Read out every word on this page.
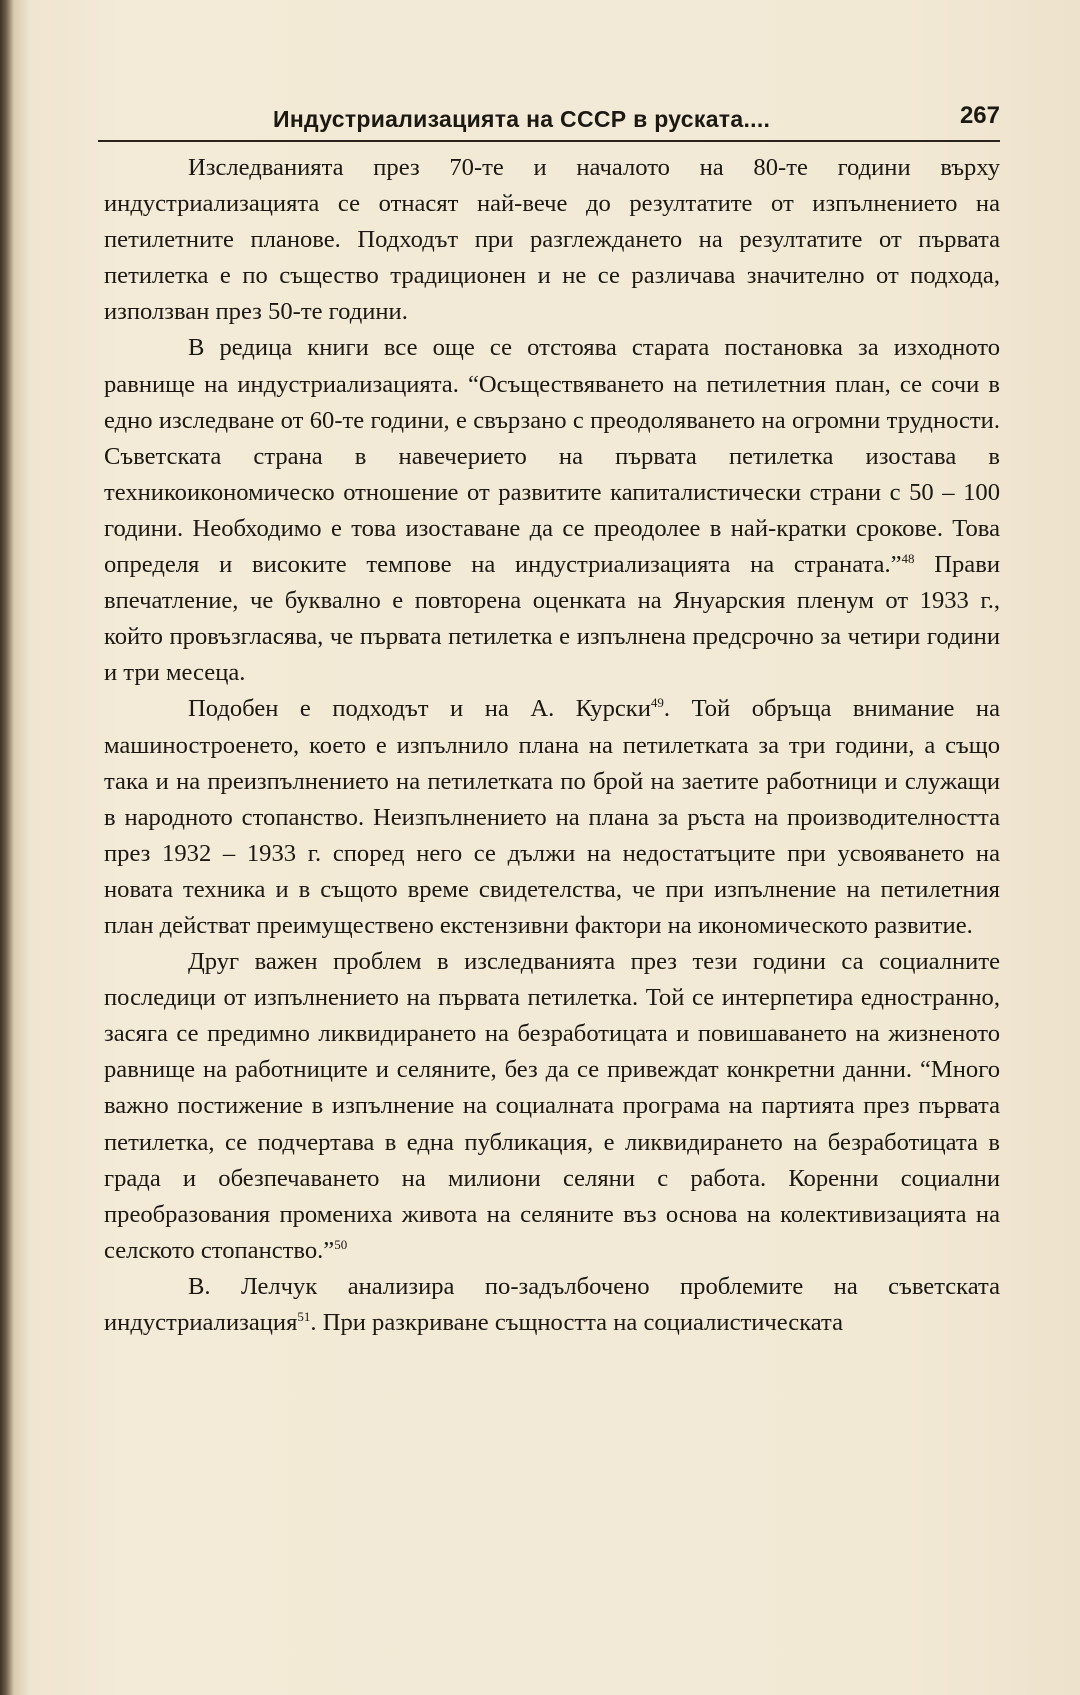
Индустриализацията на СССР в руската....	267

Изследванията през 70-те и началото на 80-те години върху индустриализацията се отнасят най-вече до резултатите от изпълнението на петилетните планове. Подходът при разглеждането на резултатите от първата петилетка е по същество традиционен и не се различава значително от подхода, използван през 50-те години.

В редица книги все още се отстоява старата постановка за изходното равнище на индустриализацията. “Осъществяването на петилетния план, се сочи в едно изследване от 60-те години, е свързано с преодоляването на огромни трудности. Съветската страна в навечерието на първата петилетка изостава в техникоикономическо отношение от развитите капиталистически страни с 50 – 100 години. Необходимо е това изоставане да се преодолее в най-кратки срокове. Това определя и високите темпове на индустриализацията на страната.”$^{48}$ Прави впечатление, че буквално е повторена оценката на Януарския пленум от 1933 г., който провъзгласява, че първата петилетка е изпълнена предсрочно за четири години и три месеца.

Подобен е подходът и на А. Курски$^{49}$. Той обръща внимание на машиностроенето, което е изпълнило плана на петилетката за три години, а също така и на преизпълнението на петилетката по брой на заетите работници и служащи в народното стопанство. Неизпълнението на плана за ръста на производителността през 1932 – 1933 г. според него се дължи на недостатъците при усвояването на новата техника и в същото време свидетелства, че при изпълнение на петилетния план действат преимуществено екстензивни фактори на икономическото развитие.

Друг важен проблем в изследванията през тези години са социалните последици от изпълнението на първата петилетка. Той се интерпетира едностранно, засяга се предимно ликвидирането на безработицата и повишаването на жизненото равнище на работниците и селяните, без да се привеждат конкретни данни. “Много важно постижение в изпълнение на социалната програма на партията през първата петилетка, се подчертава в една публикация, е ликвидирането на безработицата в града и обезпечаването на милиони селяни с работа. Коренни социални преобразования промениха живота на селяните въз основа на колективизацията на селското стопанство.”$^{50}$

В. Лелчук анализира по-задълбочено проблемите на съветската индустриализация$^{51}$. При разкриване същността на социалистическата
